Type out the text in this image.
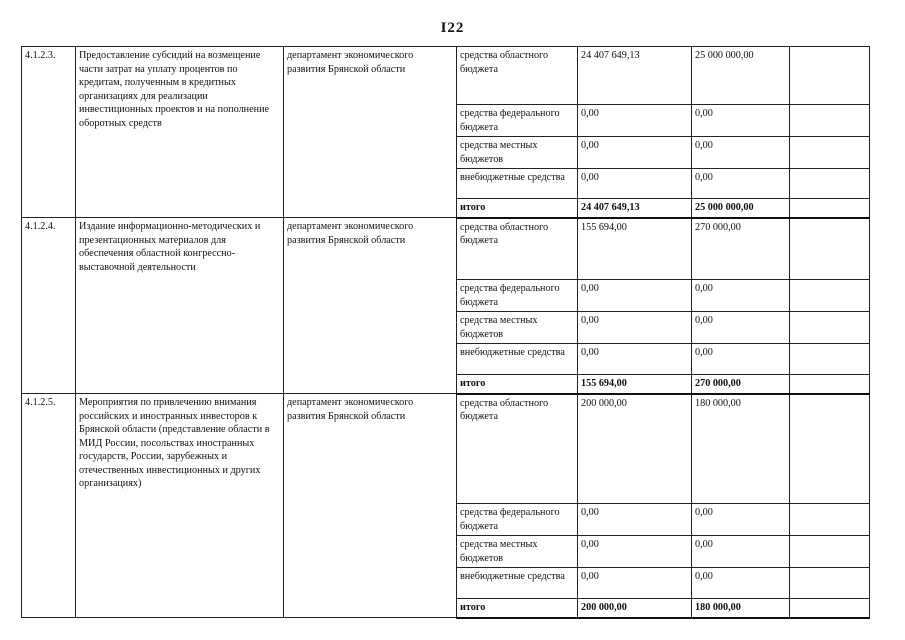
I22
4.1.2.3.	Предоставление субсидий на возмещение части затрат на уплату процентов по кредитам, полученным в кредитных организациях для реализации инвестиционных проектов и на пополнение оборотных средств	департамент экономического развития Брянской области	средства областного бюджета	24 407 649,13	25 000 000,00	
			средства федерального бюджета	0,00	0,00	
			средства местных бюджетов	0,00	0,00	
			внебюджетные средства	0,00	0,00	
			итого	24 407 649,13	25 000 000,00	
4.1.2.4.	Издание информационно-методических и презентационных материалов для обеспечения областной конгрессно-выставочной деятельности	департамент экономического развития Брянской области	средства областного бюджета	155 694,00	270 000,00	
			средства федерального бюджета	0,00	0,00	
			средства местных бюджетов	0,00	0,00	
			внебюджетные средства	0,00	0,00	
			итого	155 694,00	270 000,00	
4.1.2.5.	Мероприятия по привлечению внимания российских и иностранных инвесторов к Брянской области (представление области в МИД России, посольствах иностранных государств, России, зарубежных и отечественных инвестиционных и других организациях)	департамент экономического развития Брянской области	средства областного бюджета	200 000,00	180 000,00	
			средства федерального бюджета	0,00	0,00	
			средства местных бюджетов	0,00	0,00	
			внебюджетные средства	0,00	0,00	
			итого	200 000,00	180 000,00	
